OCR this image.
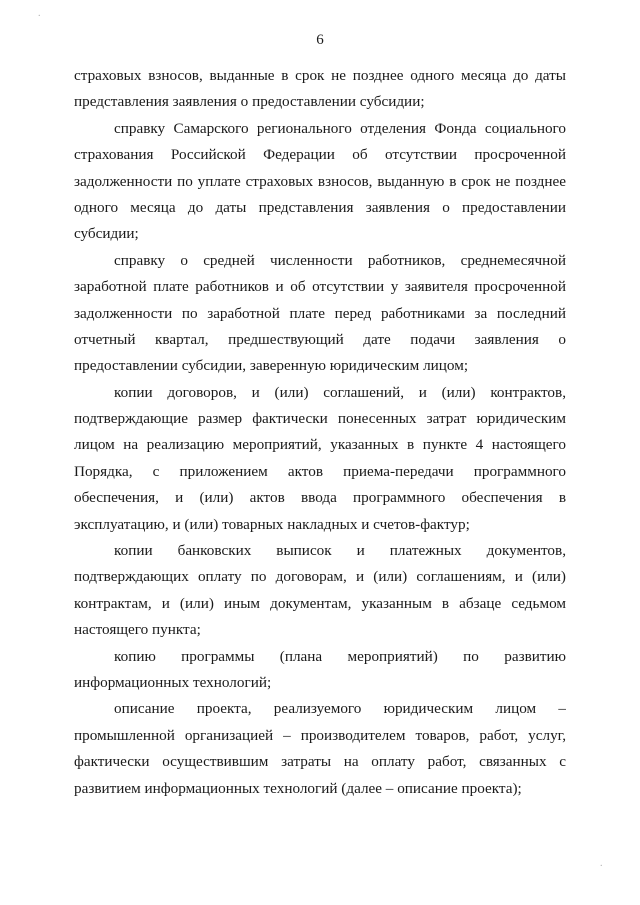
6
страховых взносов, выданные в срок не позднее одного месяца до даты
представления заявления о предоставлении субсидии;
справку Самарского регионального отделения Фонда социального
страхования Российской Федерации об отсутствии просроченной
задолженности по уплате страховых взносов, выданную в срок не позднее
одного месяца до даты представления заявления о предоставлении
субсидии;
справку о средней численности работников, среднемесячной
заработной плате работников и об отсутствии у заявителя просроченной
задолженности по заработной плате перед работниками за последний
отчетный квартал, предшествующий дате подачи заявления о
предоставлении субсидии, заверенную юридическим лицом;
копии договоров, и (или) соглашений, и (или) контрактов,
подтверждающие размер фактически понесенных затрат юридическим
лицом на реализацию мероприятий, указанных в пункте 4 настоящего
Порядка, с приложением актов приема-передачи программного
обеспечения, и (или) актов ввода программного обеспечения в
эксплуатацию, и (или) товарных накладных и счетов-фактур;
копии банковских выписок и платежных документов,
подтверждающих оплату по договорам, и (или) соглашениям, и (или)
контрактам, и (или) иным документам, указанным в абзаце седьмом
настоящего пункта;
копию программы (плана мероприятий) по развитию
информационных технологий;
описание проекта, реализуемого юридическим лицом –
промышленной организацией – производителем товаров, работ, услуг,
фактически осуществившим затраты на оплату работ, связанных с
развитием информационных технологий (далее – описание проекта);
.
.
